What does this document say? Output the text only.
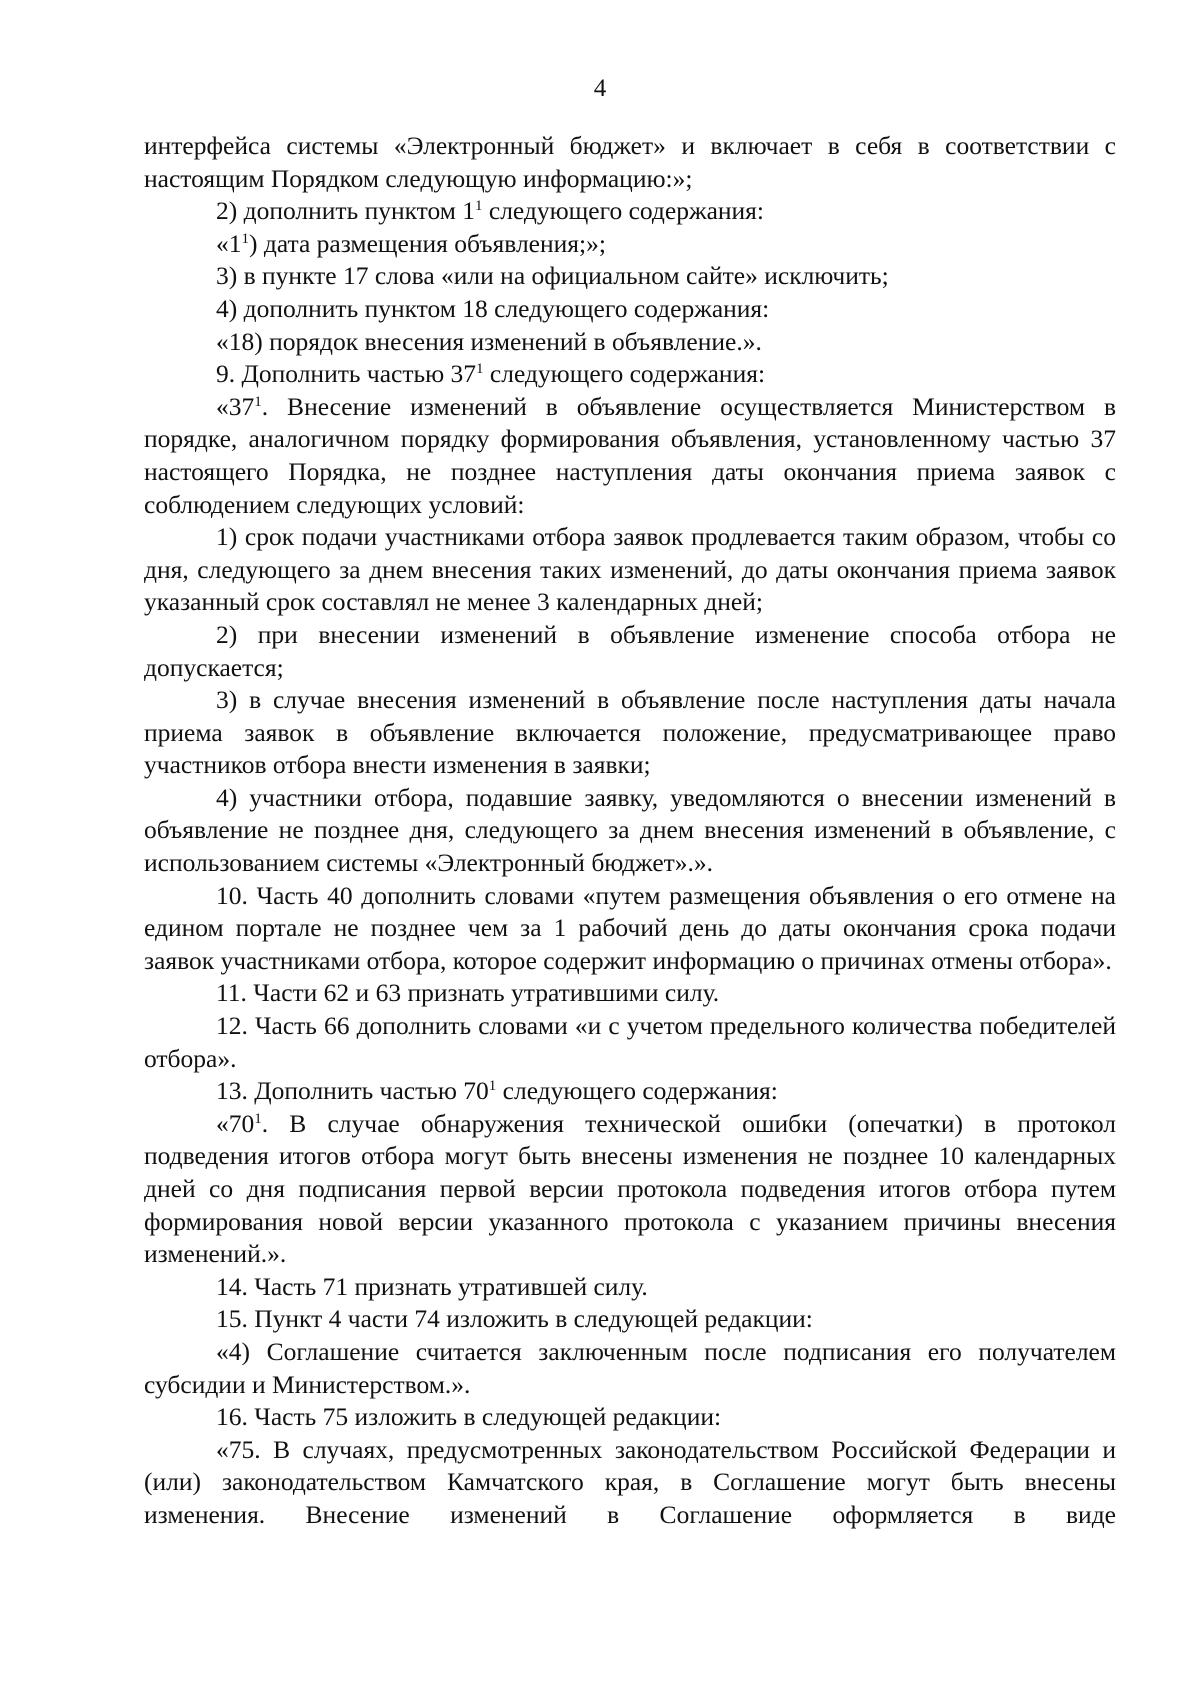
4

интерфейса системы «Электронный бюджет» и включает в себя в соответствии с настоящим Порядком следующую информацию:»;

2) дополнить пунктом $1^1$ следующего содержания:

«$1^1$) дата размещения объявления;»;

3) в пункте 17 слова «или на официальном сайте» исключить;

4) дополнить пунктом 18 следующего содержания:

«18) порядок внесения изменений в объявление.».

9. Дополнить частью $37^1$ следующего содержания:

«$37^1$. Внесение изменений в объявление осуществляется Министерством в порядке, аналогичном порядку формирования объявления, установленному частью 37 настоящего Порядка, не позднее наступления даты окончания приема заявок с соблюдением следующих условий:

1) срок подачи участниками отбора заявок продлевается таким образом, чтобы со дня, следующего за днем внесения таких изменений, до даты окончания приема заявок указанный срок составлял не менее 3 календарных дней;

2) при внесении изменений в объявление изменение способа отбора не допускается;

3) в случае внесения изменений в объявление после наступления даты начала приема заявок в объявление включается положение, предусматривающее право участников отбора внести изменения в заявки;

4) участники отбора, подавшие заявку, уведомляются о внесении изменений в объявление не позднее дня, следующего за днем внесения изменений в объявление, с использованием системы «Электронный бюджет».».

10. Часть 40 дополнить словами «путем размещения объявления о его отмене на едином портале не позднее чем за 1 рабочий день до даты окончания срока подачи заявок участниками отбора, которое содержит информацию о причинах отмены отбора».

11. Части 62 и 63 признать утратившими силу.

12. Часть 66 дополнить словами «и с учетом предельного количества победителей отбора».

13. Дополнить частью $70^1$ следующего содержания:

«$70^1$. В случае обнаружения технической ошибки (опечатки) в протокол подведения итогов отбора могут быть внесены изменения не позднее 10 календарных дней со дня подписания первой версии протокола подведения итогов отбора путем формирования новой версии указанного протокола с указанием причины внесения изменений.».

14. Часть 71 признать утратившей силу.

15. Пункт 4 части 74 изложить в следующей редакции:

«4) Соглашение считается заключенным после подписания его получателем субсидии и Министерством.».

16. Часть 75 изложить в следующей редакции:

«75. В случаях, предусмотренных законодательством Российской Федерации и (или) законодательством Камчатского края, в Соглашение могут быть внесены изменения. Внесение изменений в Соглашение оформляется в виде
